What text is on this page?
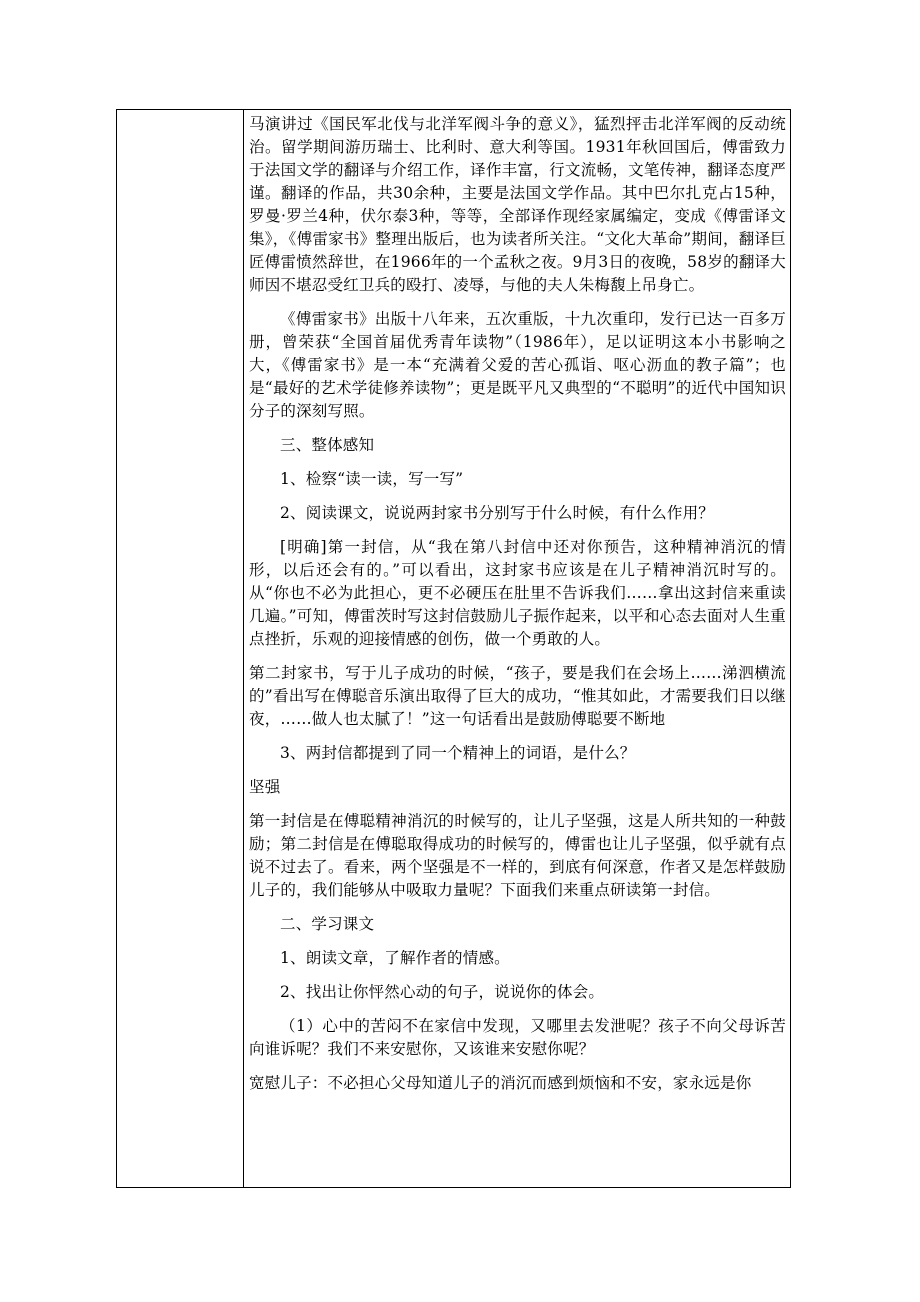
马演讲过《国民军北伐与北洋军阀斗争的意义》，猛烈抨击北洋军阀的反动统治。留学期间游历瑞士、比利时、意大利等国。1931年秋回国后，傅雷致力于法国文学的翻译与介绍工作，译作丰富，行文流畅，文笔传神，翻译态度严谨。翻译的作品，共30余种，主要是法国文学作品。其中巴尔扎克占15种，罗曼·罗兰4种，伏尔泰3种，等等，全部译作现经家属编定，变成《傅雷译文集》，《傅雷家书》整理出版后，也为读者所关注。“文化大革命”期间，翻译巨匠傅雷愤然辞世，在1966年的一个孟秋之夜。9月3日的夜晚，58岁的翻译大师因不堪忍受红卫兵的殴打、凌辱，与他的夫人朱梅馥上吊身亡。

《傅雷家书》出版十八年来，五次重版，十九次重印，发行已达一百多万册，曾荣获“全国首届优秀青年读物”（1986年），足以证明这本小书影响之大，《傅雷家书》是一本“充满着父爱的苦心孤诣、呕心沥血的教子篇”；也是“最好的艺术学徒修养读物”；更是既平凡又典型的“不聪明”的近代中国知识分子的深刻写照。

三、整体感知

1、检察“读一读，写一写”

2、阅读课文，说说两封家书分别写于什么时候，有什么作用？

[明确]第一封信，从“我在第八封信中还对你预告，这种精神消沉的情形，以后还会有的。”可以看出，这封家书应该是在儿子精神消沉时写的。从“你也不必为此担心，更不必硬压在肚里不告诉我们……拿出这封信来重读几遍。”可知，傅雷茨时写这封信鼓励儿子振作起来，以平和心态去面对人生重点挫折，乐观的迎接情感的创伤，做一个勇敢的人。

第二封家书，写于儿子成功的时候，“孩子，要是我们在会场上……涕泗横流的”看出写在傅聪音乐演出取得了巨大的成功，“惟其如此，才需要我们日以继夜，……做人也太腻了！”这一句话看出是鼓励傅聪要不断地

3、两封信都提到了同一个精神上的词语，是什么？

坚强

第一封信是在傅聪精神消沉的时候写的，让儿子坚强，这是人所共知的一种鼓励；第二封信是在傅聪取得成功的时候写的，傅雷也让儿子坚强，似乎就有点说不过去了。看来，两个坚强是不一样的，到底有何深意，作者又是怎样鼓励儿子的，我们能够从中吸取力量呢？下面我们来重点研读第一封信。

二、学习课文

1、朗读文章，了解作者的情感。

2、找出让你怦然心动的句子，说说你的体会。

（1）心中的苦闷不在家信中发现，又哪里去发泄呢？孩子不向父母诉苦向谁诉呢？我们不来安慰你，又该谁来安慰你呢？

宽慰儿子：不必担心父母知道儿子的消沉而感到烦恼和不安，家永远是你
